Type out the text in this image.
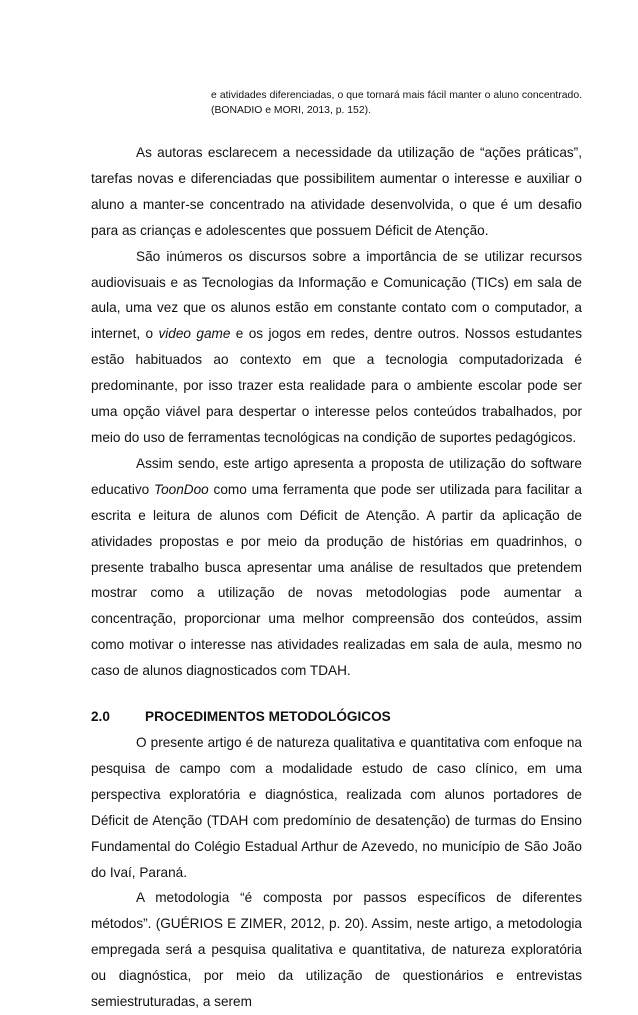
e atividades diferenciadas, o que tornará mais fácil manter o aluno concentrado. (BONADIO e MORI, 2013, p. 152).

As autoras esclarecem a necessidade da utilização de “ações práticas”, tarefas novas e diferenciadas que possibilitem aumentar o interesse e auxiliar o aluno a manter-se concentrado na atividade desenvolvida, o que é um desafio para as crianças e adolescentes que possuem Déficit de Atenção.

São inúmeros os discursos sobre a importância de se utilizar recursos audiovisuais e as Tecnologias da Informação e Comunicação (TICs) em sala de aula, uma vez que os alunos estão em constante contato com o computador, a internet, o video game e os jogos em redes, dentre outros. Nossos estudantes estão habituados ao contexto em que a tecnologia computadorizada é predominante, por isso trazer esta realidade para o ambiente escolar pode ser uma opção viável para despertar o interesse pelos conteúdos trabalhados, por meio do uso de ferramentas tecnológicas na condição de suportes pedagógicos.

Assim sendo, este artigo apresenta a proposta de utilização do software educativo ToonDoo como uma ferramenta que pode ser utilizada para facilitar a escrita e leitura de alunos com Déficit de Atenção. A partir da aplicação de atividades propostas e por meio da produção de histórias em quadrinhos, o presente trabalho busca apresentar uma análise de resultados que pretendem mostrar como a utilização de novas metodologias pode aumentar a concentração, proporcionar uma melhor compreensão dos conteúdos, assim como motivar o interesse nas atividades realizadas em sala de aula, mesmo no caso de alunos diagnosticados com TDAH.

2.0	PROCEDIMENTOS METODOLÓGICOS

O presente artigo é de natureza qualitativa e quantitativa com enfoque na pesquisa de campo com a modalidade estudo de caso clínico, em uma perspectiva exploratória e diagnóstica, realizada com alunos portadores de Déficit de Atenção (TDAH com predomínio de desatenção) de turmas do Ensino Fundamental do Colégio Estadual Arthur de Azevedo, no município de São João do Ivaí, Paraná.

A metodologia “é composta por passos específicos de diferentes métodos”. (GUÉRIOS E ZIMER, 2012, p. 20). Assim, neste artigo, a metodologia empregada será a pesquisa qualitativa e quantitativa, de natureza exploratória ou diagnóstica, por meio da utilização de questionários e entrevistas semiestruturadas, a serem
